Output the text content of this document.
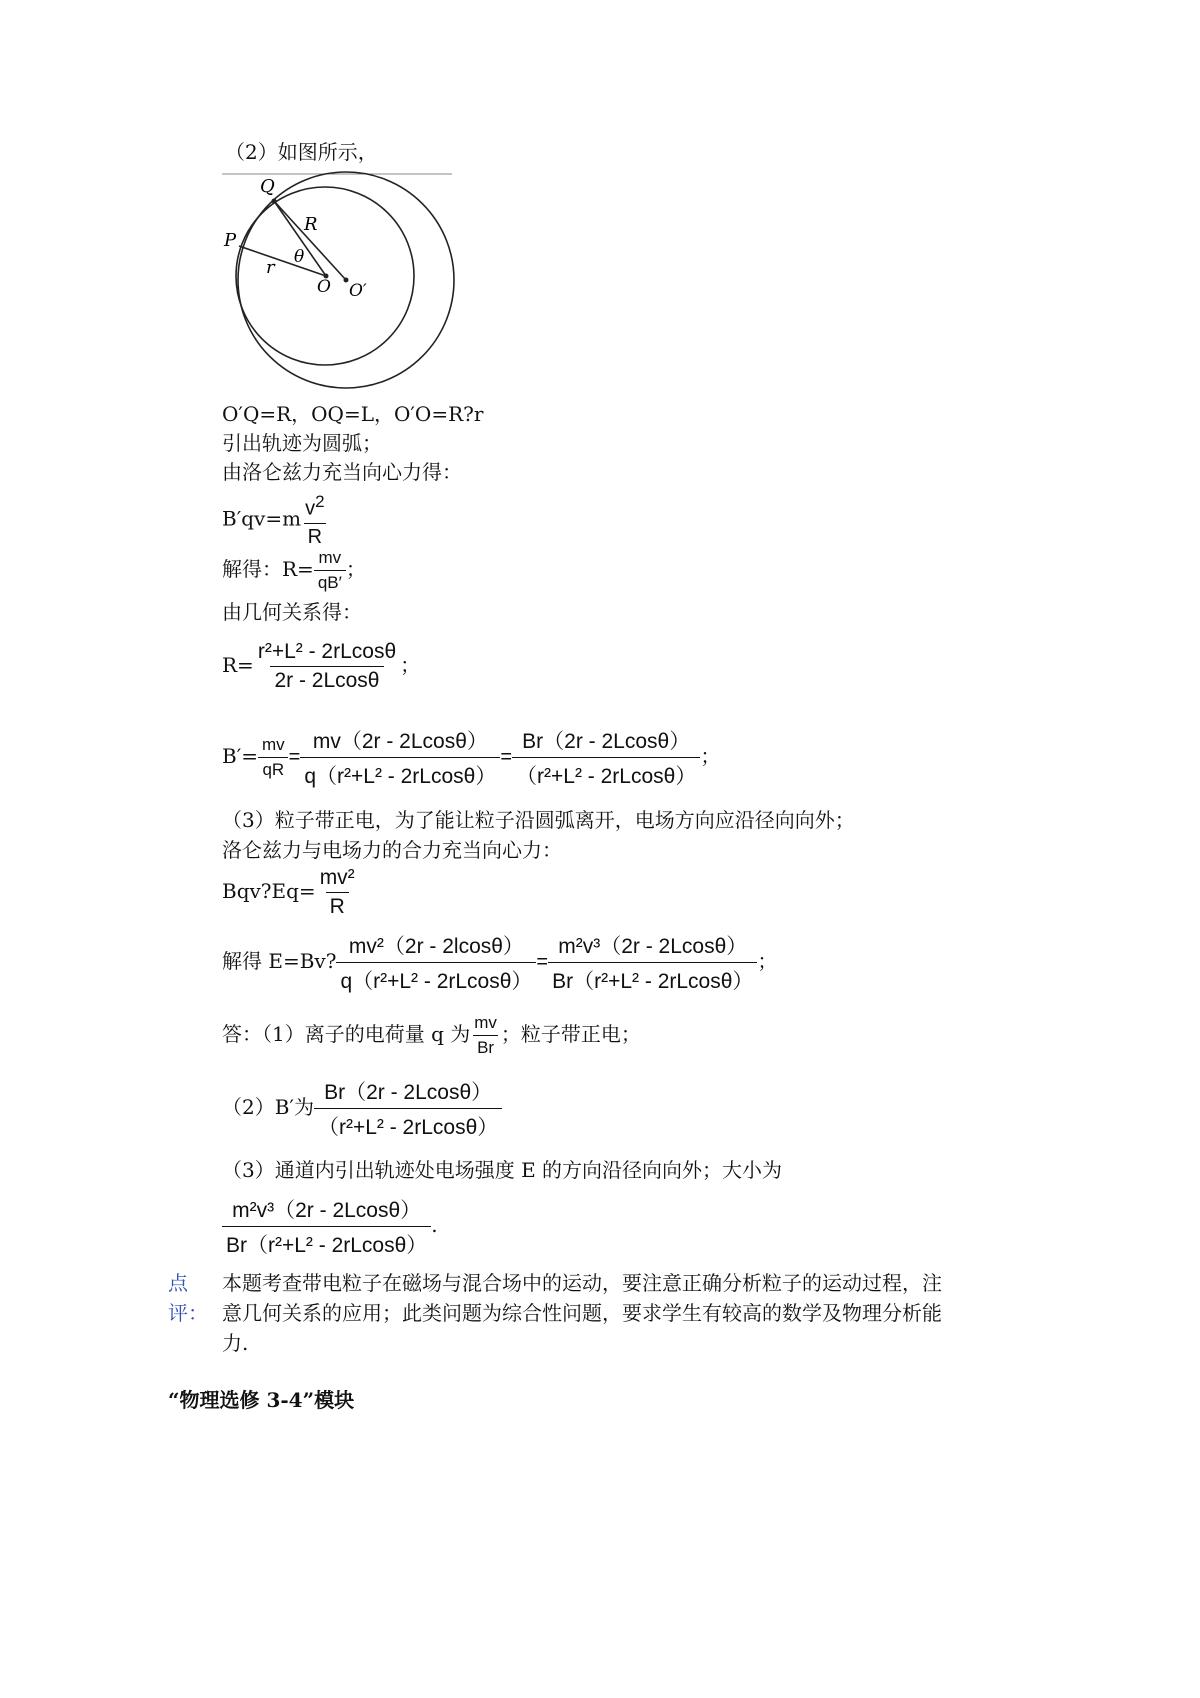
（2）如图所示，
Q
P
R
θ
r
O O′
O′Q=R，OQ=L，O′O=R?r
引出轨迹为圆弧；
由洛仑兹力充当向心力得：
$B'qv=m \frac{v^2}{R}$
解得：$R= \frac{mv}{qB'}$ ；
由几何关系得：
$R= \frac{\text{r²+L² - 2rLcosθ}}{2r - 2Lcos\theta}$ ；
$B'= \frac{mv}{qR} = \frac{mv(2r - 2Lcos\theta)}{\text{q（r²+L² - 2rLcosθ）}} = \frac{Br(2r - 2Lcos\theta)}{\text{（r²+L² - 2rLcosθ）}}$ ；
（3）粒子带正电，为了能让粒子沿圆弧离开，电场方向应沿径向向外；
洛仑兹力与电场力的合力充当向心力：
Bqv?Eq= $\frac{\text{mv²}}{R}$
解得 E=Bv? $\frac{\text{mv²（2r - 2lcosθ）}}{\text{q（r²+L² - 2rLcosθ）}} = \frac{\text{m²v³（2r - 2Lcosθ）}}{\text{Br（r²+L² - 2rLcosθ）}}$ ；
答：（1）离子的电荷量 q 为 $\frac{mv}{Br}$ ；粒子带正电；
（2）B′为 $\frac{Br(2r - 2Lcos\theta)}{\text{（r²+L² - 2rLcosθ）}}$
（3）通道内引出轨迹处电场强度 E 的方向沿径向向外；大小为
$\frac{\text{m²v³（2r - 2Lcosθ）}}{\text{Br（r²+L² - 2rLcosθ）}}$ .
点
评：
本题考查带电粒子在磁场与混合场中的运动，要注意正确分析粒子的运动过程，注
意几何关系的应用；此类问题为综合性问题，要求学生有较高的数学及物理分析能
力.
“物理选修 3-4”模块
